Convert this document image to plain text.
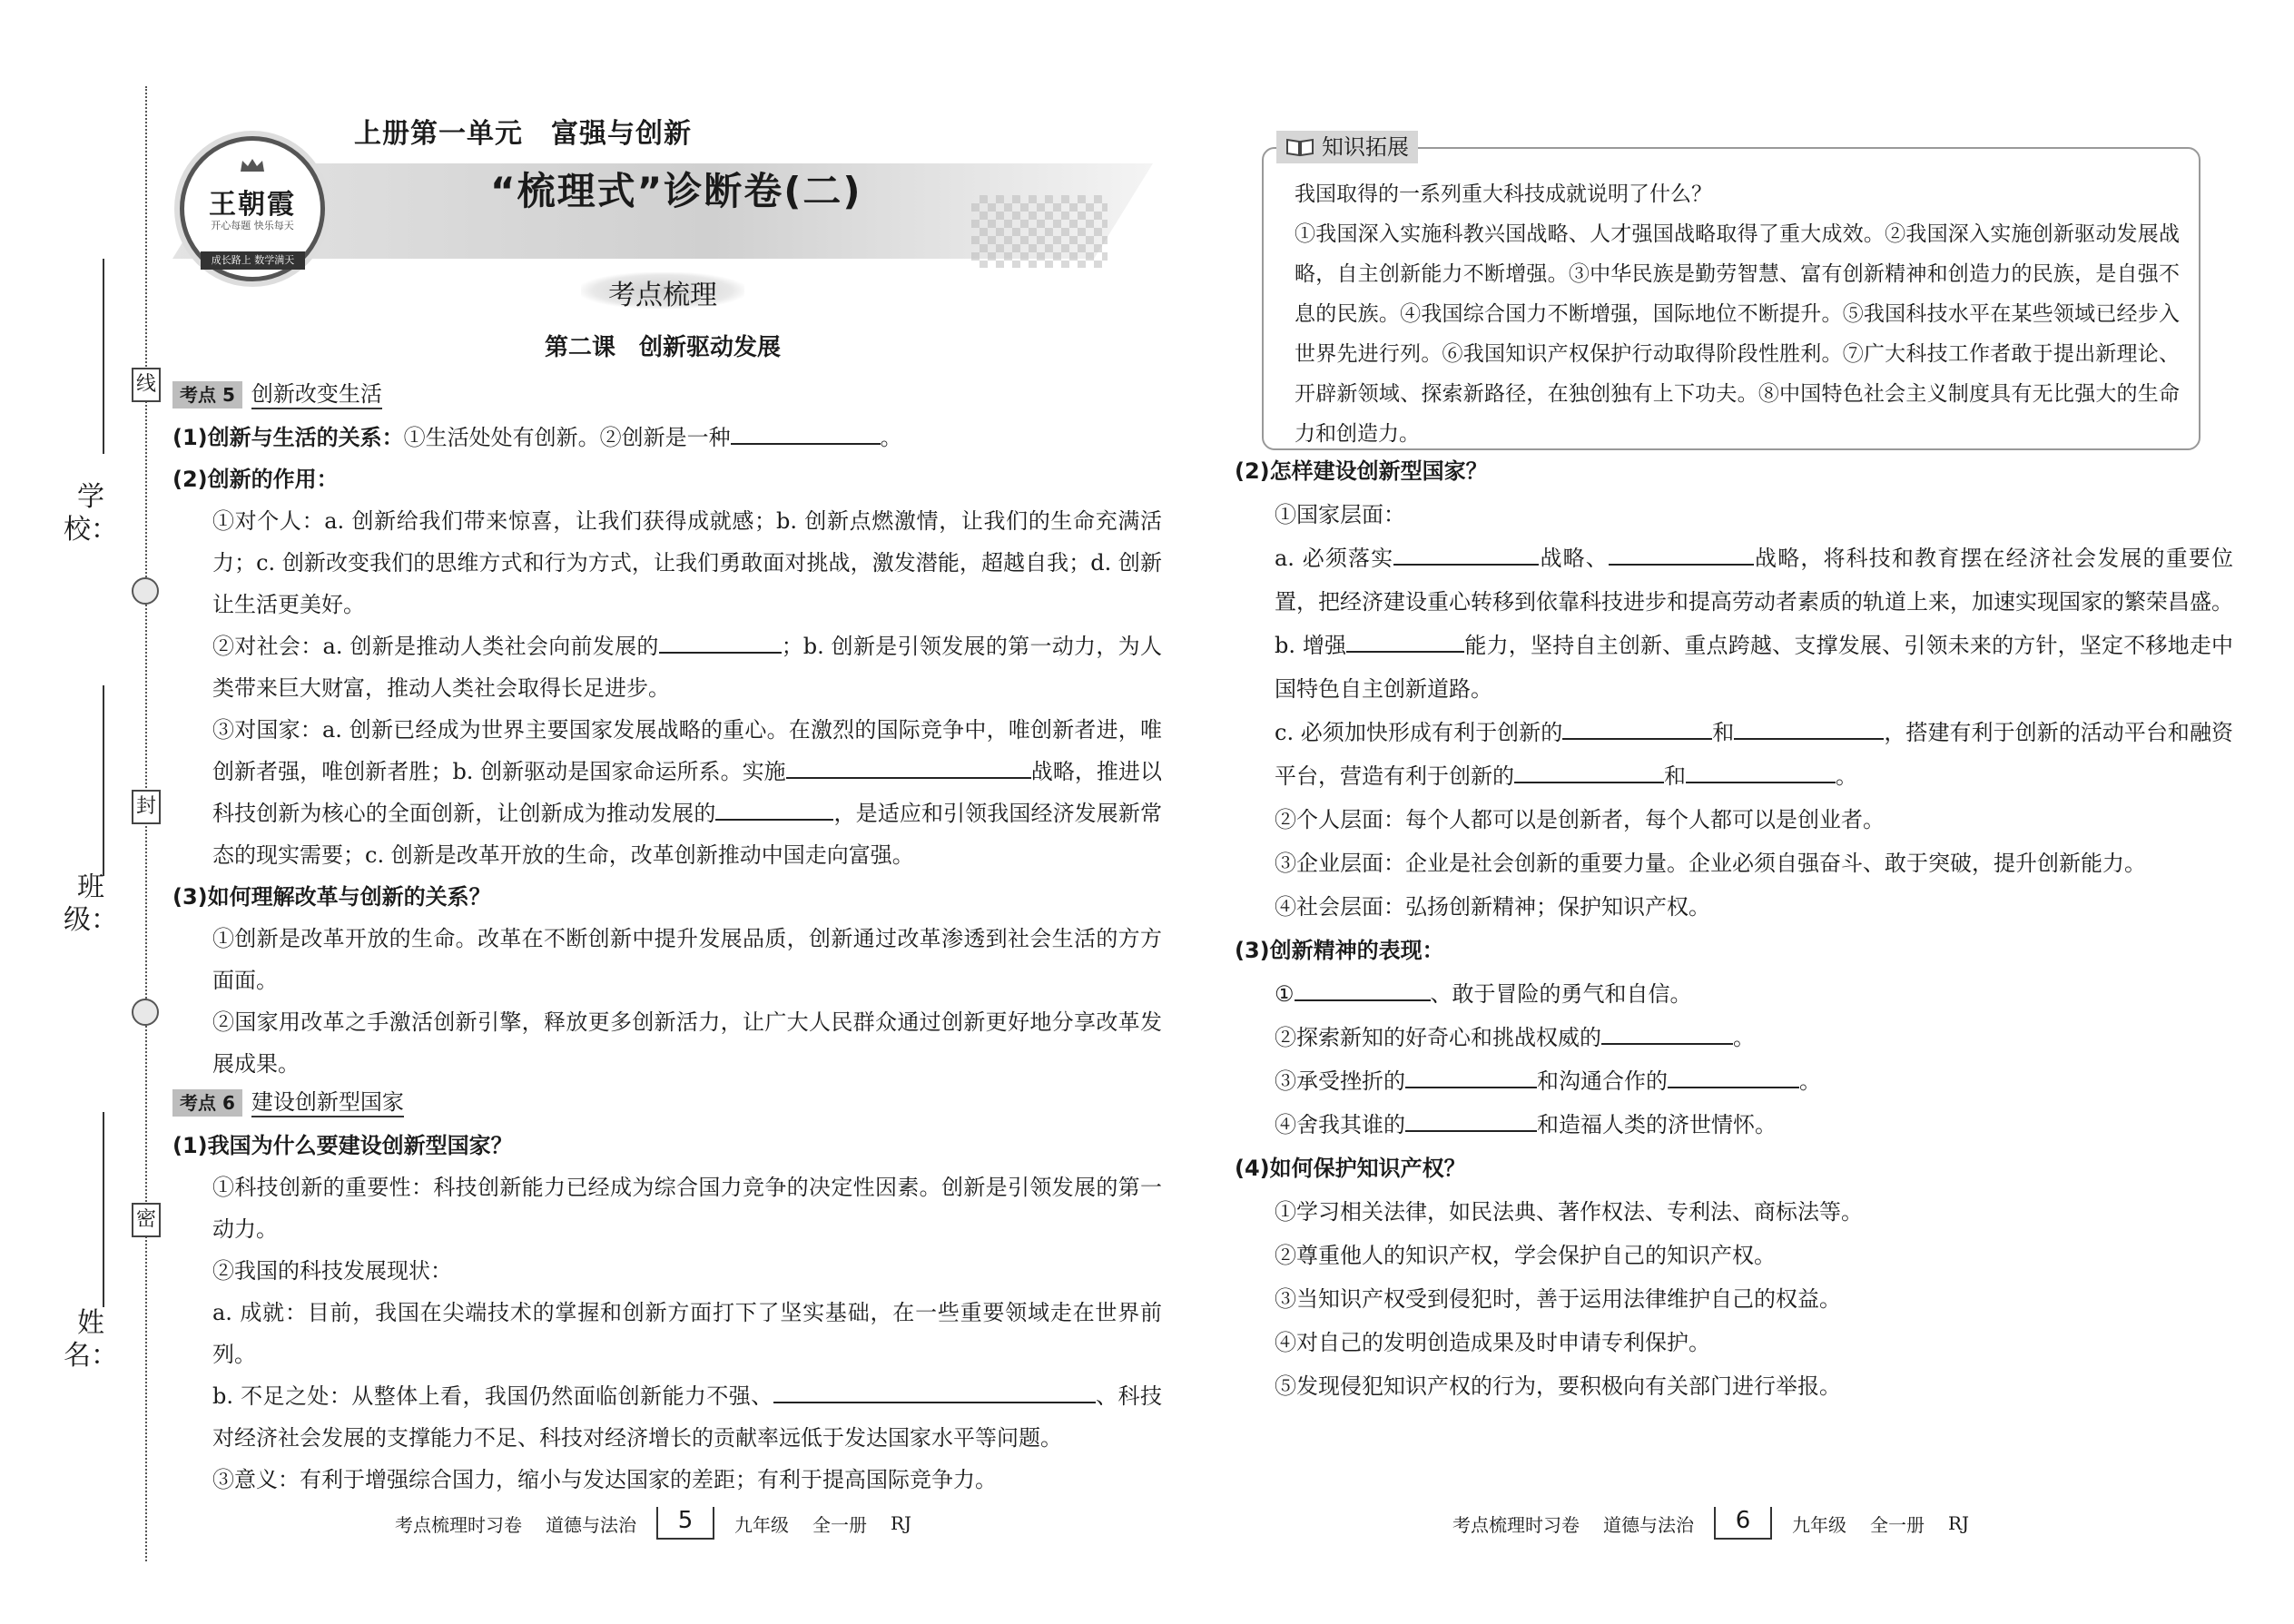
学校：
班级：
姓名：
线
封
密
王朝霞
开心每题 快乐每天
成长路上 数学满天
上册第一单元　富强与创新
“梳理式”诊断卷(二)
考点梳理
第二课　创新驱动发展
考点 5 创新改变生活
(1)创新与生活的关系：①生活处处有创新。②创新是一种	。
(2)创新的作用：
①对个人：a. 创新给我们带来惊喜，让我们获得成就感；b. 创新点燃激情，让我们的生命充满活力；c. 创新改变我们的思维方式和行为方式，让我们勇敢面对挑战，激发潜能，超越自我；d. 创新让生活更美好。
②对社会：a. 创新是推动人类社会向前发展的	；b. 创新是引领发展的第一动力，为人类带来巨大财富，推动人类社会取得长足进步。
③对国家：a. 创新已经成为世界主要国家发展战略的重心。在激烈的国际竞争中，唯创新者进，唯创新者强，唯创新者胜；b. 创新驱动是国家命运所系。实施	战略，推进以科技创新为核心的全面创新，让创新成为推动发展的	，是适应和引领我国经济发展新常态的现实需要；c. 创新是改革开放的生命，改革创新推动中国走向富强。
(3)如何理解改革与创新的关系？
①创新是改革开放的生命。改革在不断创新中提升发展品质，创新通过改革渗透到社会生活的方方面面。
②国家用改革之手激活创新引擎，释放更多创新活力，让广大人民群众通过创新更好地分享改革发展成果。
考点 6 建设创新型国家
(1)我国为什么要建设创新型国家？
①科技创新的重要性：科技创新能力已经成为综合国力竞争的决定性因素。创新是引领发展的第一动力。
②我国的科技发展现状：
a. 成就：目前，我国在尖端技术的掌握和创新方面打下了坚实基础，在一些重要领域走在世界前列。
b. 不足之处：从整体上看，我国仍然面临创新能力不强、	、科技对经济社会发展的支撑能力不足、科技对经济增长的贡献率远低于发达国家水平等问题。
③意义：有利于增强综合国力，缩小与发达国家的差距；有利于提高国际竞争力。
考点梳理时习卷 道德与法治	5	九年级 全一册 RJ
知识拓展
我国取得的一系列重大科技成就说明了什么？
①我国深入实施科教兴国战略、人才强国战略取得了重大成效。②我国深入实施创新驱动发展战略，自主创新能力不断增强。③中华民族是勤劳智慧、富有创新精神和创造力的民族，是自强不息的民族。④我国综合国力不断增强，国际地位不断提升。⑤我国科技水平在某些领域已经步入世界先进行列。⑥我国知识产权保护行动取得阶段性胜利。⑦广大科技工作者敢于提出新理论、开辟新领域、探索新路径，在独创独有上下功夫。⑧中国特色社会主义制度具有无比强大的生命力和创造力。
(2)怎样建设创新型国家？
①国家层面：
a. 必须落实	战略、	战略，将科技和教育摆在经济社会发展的重要位置，把经济建设重心转移到依靠科技进步和提高劳动者素质的轨道上来，加速实现国家的繁荣昌盛。
b. 增强	能力，坚持自主创新、重点跨越、支撑发展、引领未来的方针，坚定不移地走中国特色自主创新道路。
c. 必须加快形成有利于创新的	和	，搭建有利于创新的活动平台和融资平台，营造有利于创新的	和	。
②个人层面：每个人都可以是创新者，每个人都可以是创业者。
③企业层面：企业是社会创新的重要力量。企业必须自强奋斗、敢于突破，提升创新能力。
④社会层面：弘扬创新精神；保护知识产权。
(3)创新精神的表现：
①	、敢于冒险的勇气和自信。
②探索新知的好奇心和挑战权威的	。
③承受挫折的	和沟通合作的	。
④舍我其谁的	和造福人类的济世情怀。
(4)如何保护知识产权？
①学习相关法律，如民法典、著作权法、专利法、商标法等。
②尊重他人的知识产权，学会保护自己的知识产权。
③当知识产权受到侵犯时，善于运用法律维护自己的权益。
④对自己的发明创造成果及时申请专利保护。
⑤发现侵犯知识产权的行为，要积极向有关部门进行举报。
考点梳理时习卷 道德与法治	6	九年级 全一册 RJ
